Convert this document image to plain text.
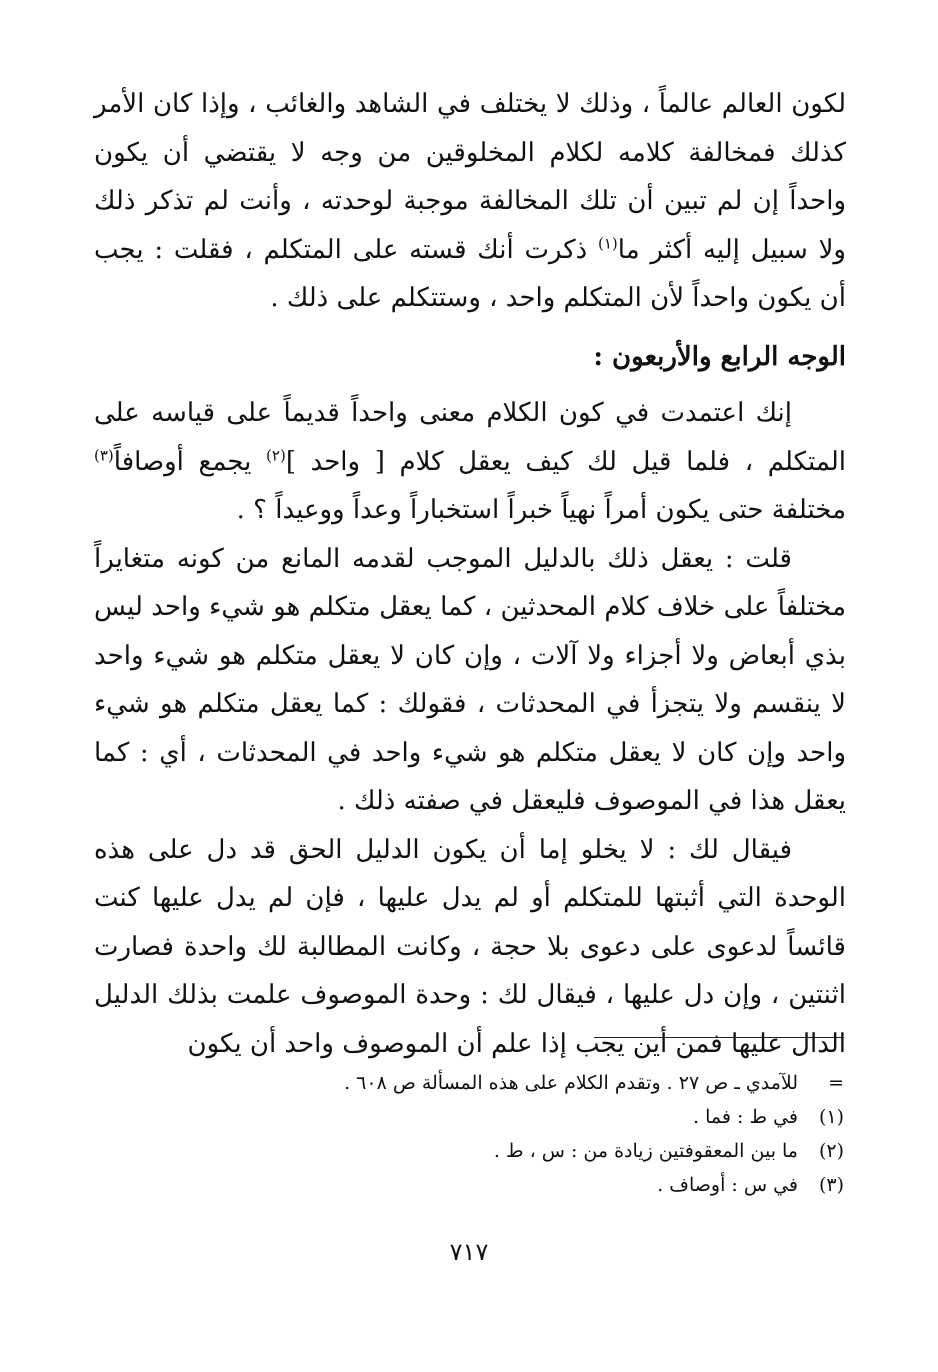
لكون العالم عالماً ، وذلك لا يختلف في الشاهد والغائب ، وإذا كان الأمر كذلك فمخالفة كلامه لكلام المخلوقين من وجه لا يقتضي أن يكون واحداً إن لم تبين أن تلك المخالفة موجبة لوحدته ، وأنت لم تذكر ذلك ولا سبيل إليه أكثر ما$^{(١)}$ ذكرت أنك قسته على المتكلم ، فقلت : يجب أن يكون واحداً لأن المتكلم واحد ، وستتكلم على ذلك .

الوجه الرابع والأربعون :

إنك اعتمدت في كون الكلام معنى واحداً قديماً على قياسه على المتكلم ، فلما قيل لك كيف يعقل كلام [ واحد ]$^{(٢)}$ يجمع أوصافاً$^{(٣)}$ مختلفة حتى يكون أمراً نهياً خبراً استخباراً وعداً ووعيداً ؟ .

قلت : يعقل ذلك بالدليل الموجب لقدمه المانع من كونه متغايراً مختلفاً على خلاف كلام المحدثين ، كما يعقل متكلم هو شيء واحد ليس بذي أبعاض ولا أجزاء ولا آلات ، وإن كان لا يعقل متكلم هو شيء واحد لا ينقسم ولا يتجزأ في المحدثات ، فقولك : كما يعقل متكلم هو شيء واحد وإن كان لا يعقل متكلم هو شيء واحد في المحدثات ، أي : كما يعقل هذا في الموصوف فليعقل في صفته ذلك .

فيقال لك : لا يخلو إما أن يكون الدليل الحق قد دل على هذه الوحدة التي أثبتها للمتكلم أو لم يدل عليها ، فإن لم يدل عليها كنت قائساً لدعوى على دعوى بلا حجة ، وكانت المطالبة لك واحدة فصارت اثنتين ، وإن دل عليها ، فيقال لك : وحدة الموصوف علمت بذلك الدليل الدال عليها فمن أين يجب إذا علم أن الموصوف واحد أن يكون

=
للآمدي ـ ص ٢٧ . وتقدم الكلام على هذه المسألة ص ٦٠٨ .
(١)
في ط : فما .
(٢)
ما بين المعقوفتين زيادة من : س ، ط .
(٣)
في س : أوصاف .
٧١٧
